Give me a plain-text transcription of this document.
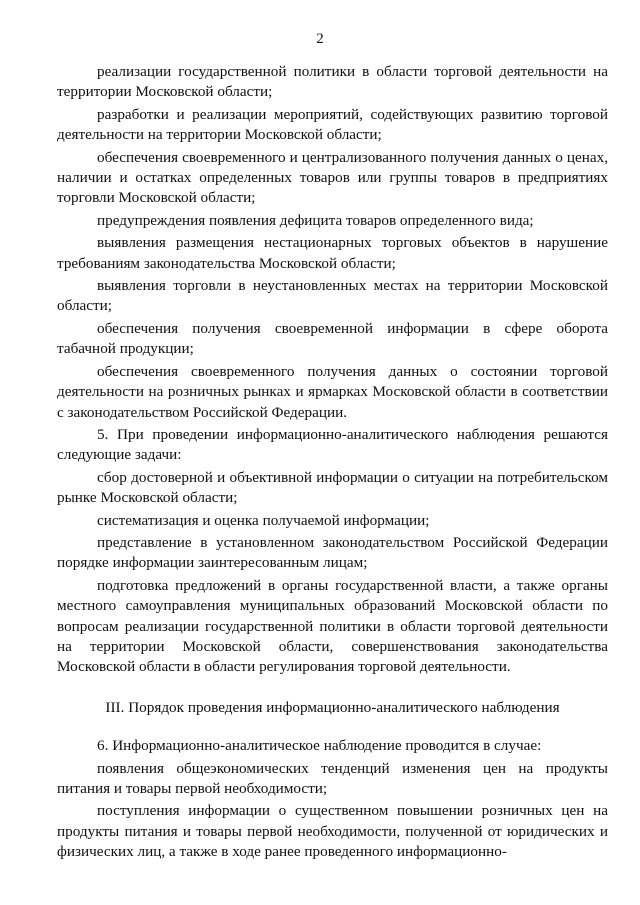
2

реализации государственной политики в области торговой деятельности на территории Московской области;

разработки и реализации мероприятий, содействующих развитию торговой деятельности на территории Московской области;

обеспечения своевременного и централизованного получения данных о ценах, наличии и остатках определенных товаров или группы товаров в предприятиях торговли Московской области;

предупреждения появления дефицита товаров определенного вида;

выявления размещения нестационарных торговых объектов в нарушение требованиям законодательства Московской области;

выявления торговли в неустановленных местах на территории Московской области;

обеспечения получения своевременной информации в сфере оборота табачной продукции;

обеспечения своевременного получения данных о состоянии торговой деятельности на розничных рынках и ярмарках Московской области в соответствии с законодательством Российской Федерации.

5. При проведении информационно-аналитического наблюдения решаются следующие задачи:

сбор достоверной и объективной информации о ситуации на потребительском рынке Московской области;

систематизация и оценка получаемой информации;

представление в установленном законодательством Российской Федерации порядке информации заинтересованным лицам;

подготовка предложений в органы государственной власти, а также органы местного самоуправления муниципальных образований Московской области по вопросам реализации государственной политики в области торговой деятельности на территории Московской области, совершенствования законодательства Московской области в области регулирования торговой деятельности.

III. Порядок проведения информационно-аналитического наблюдения

6. Информационно-аналитическое наблюдение проводится в случае:

появления общеэкономических тенденций изменения цен на продукты питания и товары первой необходимости;

поступления информации о существенном повышении розничных цен на продукты питания и товары первой необходимости, полученной от юридических и физических лиц, а также в ходе ранее проведенного информационно-
